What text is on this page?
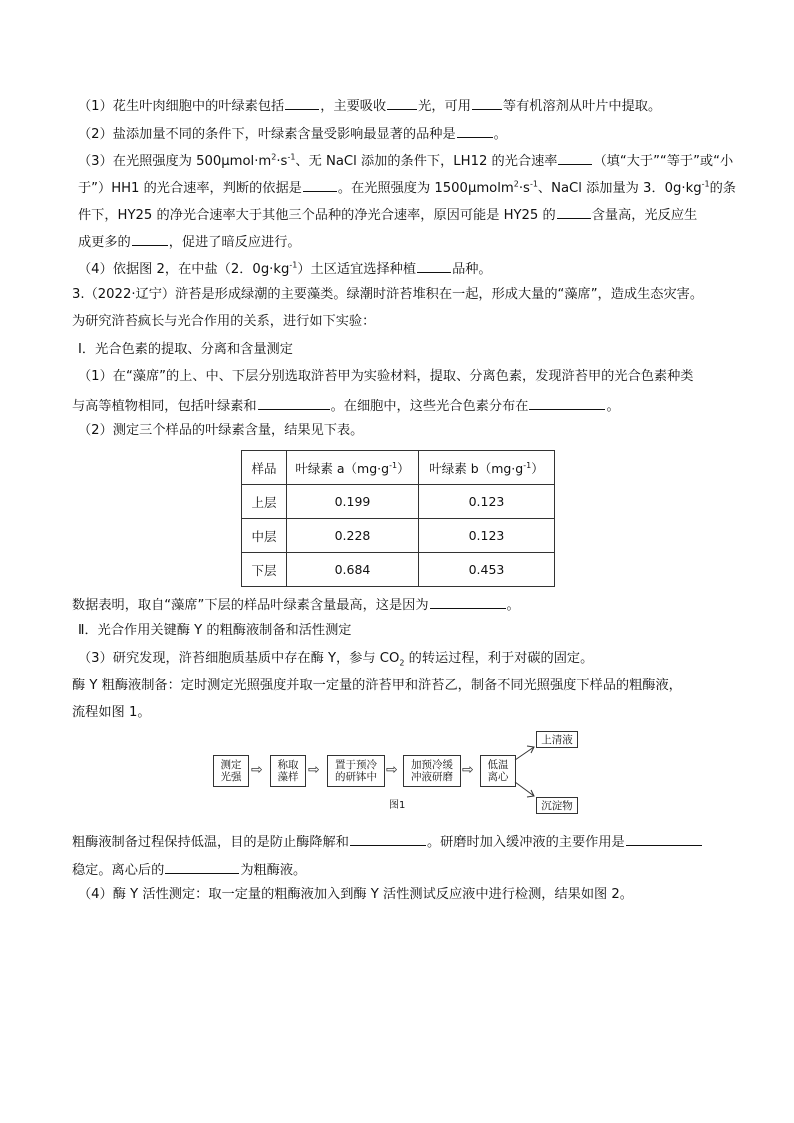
（1）花生叶肉细胞中的叶绿素包括	，主要吸收 光，可用 等有机溶剂从叶片中提取。
（2）盐添加量不同的条件下，叶绿素含量受影响最显著的品种是	。
（3）在光照强度为 $500\mu mol\cdot m^2\cdot s^{-1}$、无 NaCl 添加的条件下，LH12 的光合速率	（填“大于”“等于”或“小
于”）HH1 的光合速率，判断的依据是	。在光照强度为 $1500\mu molm^2\cdot s^{-1}$、NaCl 添加量为 3．$0g\cdot kg^{-1}$的条
件下，HY25 的净光合速率大于其他三个品种的净光合速率，原因可能是 HY25 的	含量高，光反应生
成更多的	，促进了暗反应进行。
（4）依据图 2，在中盐（2．$0g\cdot kg^{-1}$）土区适宜选择种植	品种。
3.（2022·辽宁）浒苔是形成绿潮的主要藻类。绿潮时浒苔堆积在一起，形成大量的“藻席”，造成生态灾害。
为研究浒苔疯长与光合作用的关系，进行如下实验：
Ⅰ．光合色素的提取、分离和含量测定
（1）在“藻席”的上、中、下层分别选取浒苔甲为实验材料，提取、分离色素，发现浒苔甲的光合色素种类
与高等植物相同，包括叶绿素和	。在细胞中，这些光合色素分布在	。
（2）测定三个样品的叶绿素含量，结果见下表。
样品	叶绿素 $a(mg\cdot g^{-1})$	叶绿素 $b(mg\cdot g^{-1})$
上层	0.199	0.123
中层	0.228	0.123
下层	0.684	0.453
数据表明，取自“藻席”下层的样品叶绿素含量最高，这是因为	。
Ⅱ．光合作用关键酶 Y 的粗酶液制备和活性测定
（3）研究发现，浒苔细胞质基质中存在酶 Y，参与 $CO_2$ 的转运过程，利于对碳的固定。
酶 Y 粗酶液制备：定时测定光照强度并取一定量的浒苔甲和浒苔乙，制备不同光照强度下样品的粗酶液，
流程如图 1。
测定
光强 ⇨	称取
藻样 ⇨	置于预冷
的研钵中 ⇨	加预冷缓
冲液研磨 ⇨	低温
离心
上清液
沉淀物
图1
粗酶液制备过程保持低温，目的是防止酶降解和	。研磨时加入缓冲液的主要作用是
稳定。离心后的	为粗酶液。
（4）酶 Y 活性测定：取一定量的粗酶液加入到酶 Y 活性测试反应液中进行检测，结果如图 2。
